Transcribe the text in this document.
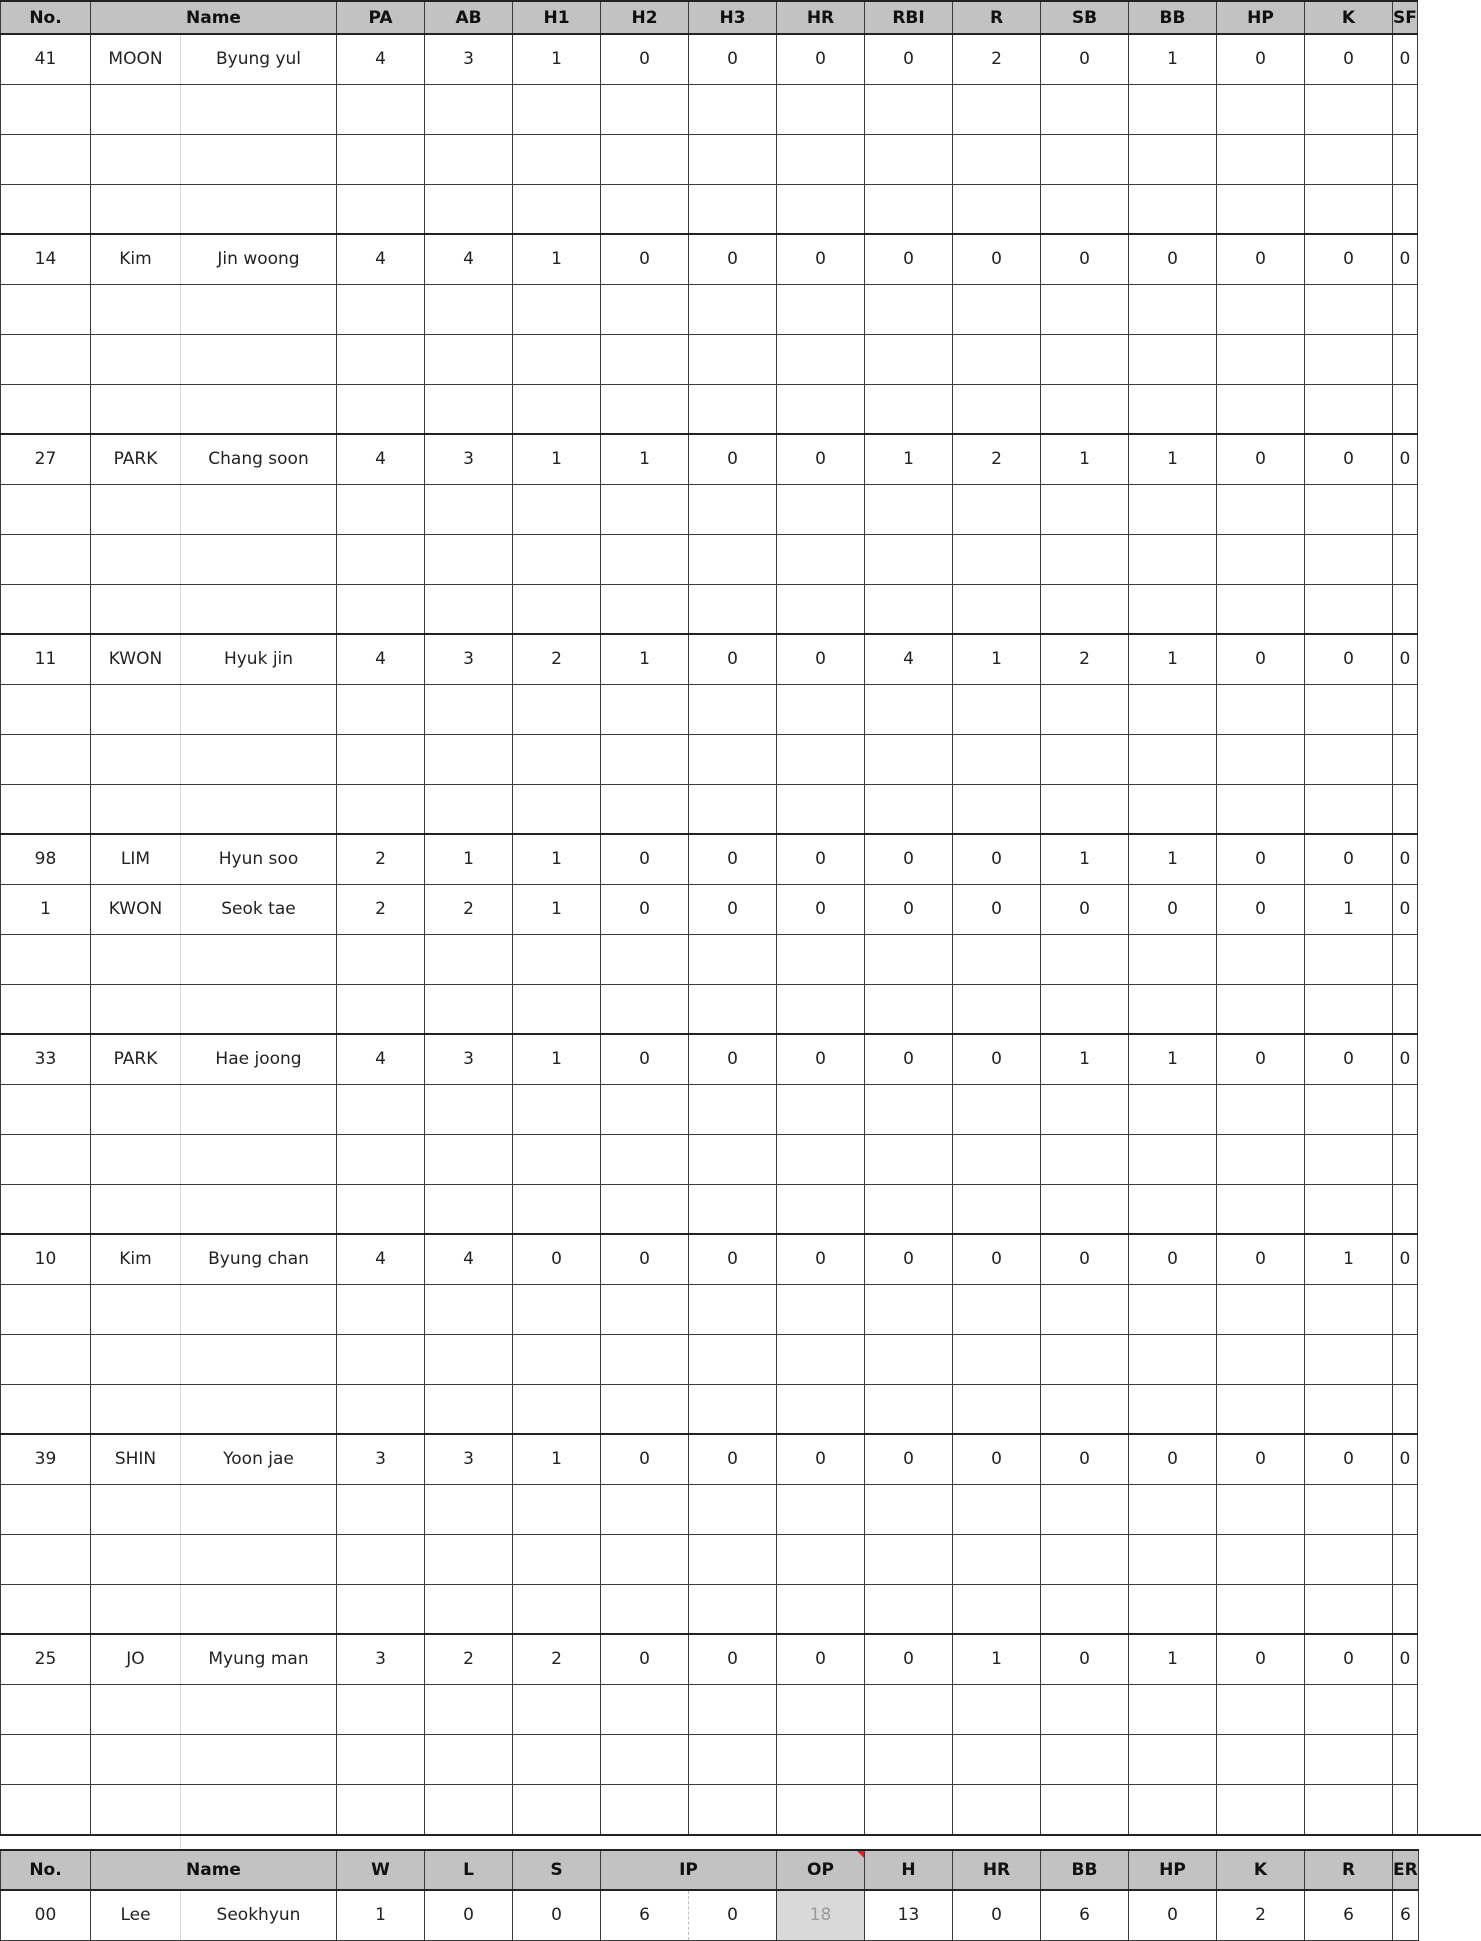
No.	Name		PA	AB	H1	H2	H3	HR	RBI	R	SB	BB	HP	K	SF
41	MOON	Byung yul	4	3	1	0	0	0	0	2	0	1	0	0	0

14	Kim	Jin woong	4	4	1	0	0	0	0	0	0	0	0	0	0

27	PARK	Chang soon	4	3	1	1	0	0	1	2	1	1	0	0	0

11	KWON	Hyuk jin	4	3	2	1	0	0	4	1	2	1	0	0	0

98	LIM	Hyun soo	2	1	1	0	0	0	0	0	1	1	0	0	0
1	KWON	Seok tae	2	2	1	0	0	0	0	0	0	0	0	1	0

33	PARK	Hae joong	4	3	1	0	0	0	0	0	1	1	0	0	0

10	Kim	Byung chan	4	4	0	0	0	0	0	0	0	0	0	1	0

39	SHIN	Yoon jae	3	3	1	0	0	0	0	0	0	0	0	0	0

25	JO	Myung man	3	2	2	0	0	0	0	1	0	1	0	0	0

No.	Name		W	L	S	IP		OP	H	HR	BB	HP	K	R	ER
00	Lee	Seokhyun	1	0	0	6	0	18	13	0	6	0	2	6	6
